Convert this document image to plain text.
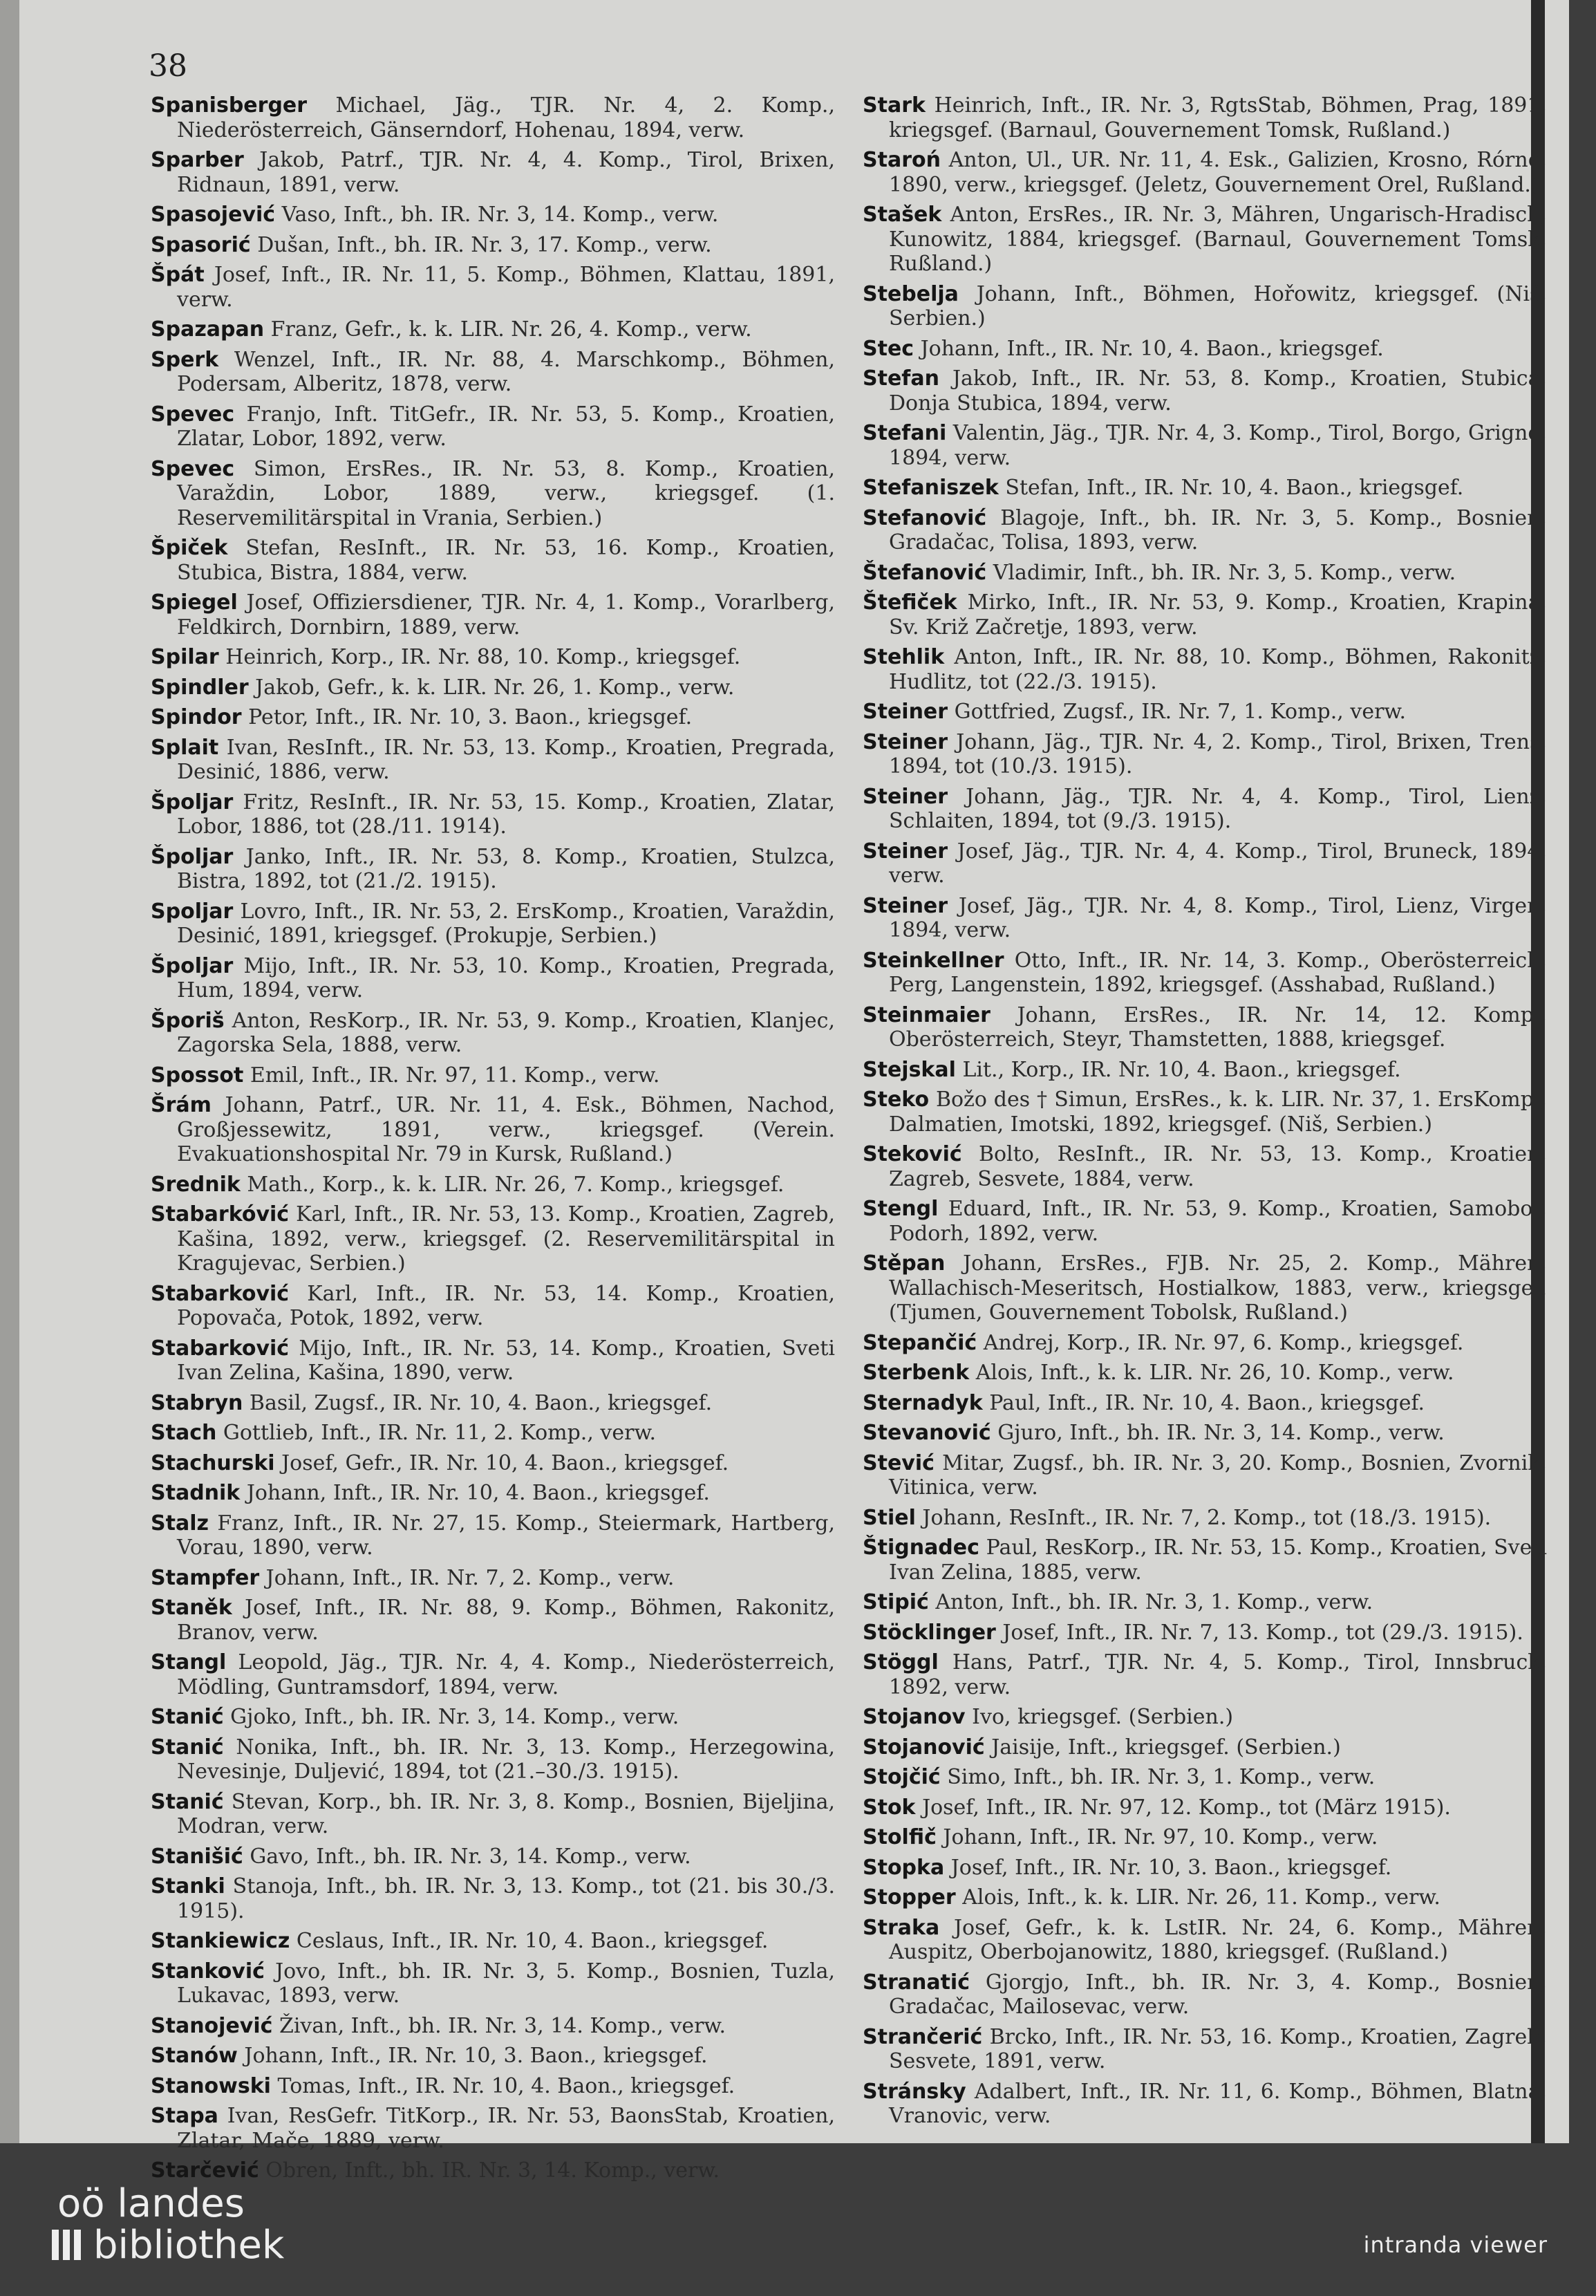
38
Spanisberger Michael, Jäg., TJR. Nr. 4, 2. Komp., Niederösterreich, Gänserndorf, Hohenau, 1894, verw.
Sparber Jakob, Patrf., TJR. Nr. 4, 4. Komp., Tirol, Brixen, Ridnaun, 1891, verw.
Spasojević Vaso, Inft., bh. IR. Nr. 3, 14. Komp., verw.
Spasorić Dušan, Inft., bh. IR. Nr. 3, 17. Komp., verw.
Špát Josef, Inft., IR. Nr. 11, 5. Komp., Böhmen, Klattau, 1891, verw.
Spazapan Franz, Gefr., k. k. LIR. Nr. 26, 4. Komp., verw.
Sperk Wenzel, Inft., IR. Nr. 88, 4. Marschkomp., Böhmen, Podersam, Alberitz, 1878, verw.
Spevec Franjo, Inft. TitGefr., IR. Nr. 53, 5. Komp., Kroatien, Zlatar, Lobor, 1892, verw.
Spevec Simon, ErsRes., IR. Nr. 53, 8. Komp., Kroatien, Varaždin, Lobor, 1889, verw., kriegsgef. (1. Reservemilitärspital in Vrania, Serbien.)
Špiček Stefan, ResInft., IR. Nr. 53, 16. Komp., Kroatien, Stubica, Bistra, 1884, verw.
Spiegel Josef, Offiziersdiener, TJR. Nr. 4, 1. Komp., Vorarlberg, Feldkirch, Dornbirn, 1889, verw.
Spilar Heinrich, Korp., IR. Nr. 88, 10. Komp., kriegsgef.
Spindler Jakob, Gefr., k. k. LIR. Nr. 26, 1. Komp., verw.
Spindor Petor, Inft., IR. Nr. 10, 3. Baon., kriegsgef.
Splait Ivan, ResInft., IR. Nr. 53, 13. Komp., Kroatien, Pregrada, Desinić, 1886, verw.
Špoljar Fritz, ResInft., IR. Nr. 53, 15. Komp., Kroatien, Zlatar, Lobor, 1886, tot (28./11. 1914).
Špoljar Janko, Inft., IR. Nr. 53, 8. Komp., Kroatien, Stulzca, Bistra, 1892, tot (21./2. 1915).
Spoljar Lovro, Inft., IR. Nr. 53, 2. ErsKomp., Kroatien, Varaždin, Desinić, 1891, kriegsgef. (Prokupje, Serbien.)
Špoljar Mijo, Inft., IR. Nr. 53, 10. Komp., Kroatien, Pregrada, Hum, 1894, verw.
Šporiš Anton, ResKorp., IR. Nr. 53, 9. Komp., Kroatien, Klanjec, Zagorska Sela, 1888, verw.
Spossot Emil, Inft., IR. Nr. 97, 11. Komp., verw.
Šrám Johann, Patrf., UR. Nr. 11, 4. Esk., Böhmen, Nachod, Großjessewitz, 1891, verw., kriegsgef. (Verein. Evakuationshospital Nr. 79 in Kursk, Rußland.)
Srednik Math., Korp., k. k. LIR. Nr. 26, 7. Komp., kriegsgef.
Stabarkóvić Karl, Inft., IR. Nr. 53, 13. Komp., Kroatien, Zagreb, Kašina, 1892, verw., kriegsgef. (2. Reservemilitärspital in Kragujevac, Serbien.)
Stabarković Karl, Inft., IR. Nr. 53, 14. Komp., Kroatien, Popovača, Potok, 1892, verw.
Stabarković Mijo, Inft., IR. Nr. 53, 14. Komp., Kroatien, Sveti Ivan Zelina, Kašina, 1890, verw.
Stabryn Basil, Zugsf., IR. Nr. 10, 4. Baon., kriegsgef.
Stach Gottlieb, Inft., IR. Nr. 11, 2. Komp., verw.
Stachurski Josef, Gefr., IR. Nr. 10, 4. Baon., kriegsgef.
Stadnik Johann, Inft., IR. Nr. 10, 4. Baon., kriegsgef.
Stalz Franz, Inft., IR. Nr. 27, 15. Komp., Steiermark, Hartberg, Vorau, 1890, verw.
Stampfer Johann, Inft., IR. Nr. 7, 2. Komp., verw.
Staněk Josef, Inft., IR. Nr. 88, 9. Komp., Böhmen, Rakonitz, Branov, verw.
Stangl Leopold, Jäg., TJR. Nr. 4, 4. Komp., Niederösterreich, Mödling, Guntramsdorf, 1894, verw.
Stanić Gjoko, Inft., bh. IR. Nr. 3, 14. Komp., verw.
Stanić Nonika, Inft., bh. IR. Nr. 3, 13. Komp., Herzegowina, Nevesinje, Duljević, 1894, tot (21.–30./3. 1915).
Stanić Stevan, Korp., bh. IR. Nr. 3, 8. Komp., Bosnien, Bijeljina, Modran, verw.
Stanišić Gavo, Inft., bh. IR. Nr. 3, 14. Komp., verw.
Stanki Stanoja, Inft., bh. IR. Nr. 3, 13. Komp., tot (21. bis 30./3. 1915).
Stankiewicz Ceslaus, Inft., IR. Nr. 10, 4. Baon., kriegsgef.
Stanković Jovo, Inft., bh. IR. Nr. 3, 5. Komp., Bosnien, Tuzla, Lukavac, 1893, verw.
Stanojević Živan, Inft., bh. IR. Nr. 3, 14. Komp., verw.
Stanów Johann, Inft., IR. Nr. 10, 3. Baon., kriegsgef.
Stanowski Tomas, Inft., IR. Nr. 10, 4. Baon., kriegsgef.
Stapa Ivan, ResGefr. TitKorp., IR. Nr. 53, BaonsStab, Kroatien, Zlatar, Mače, 1889, verw.
Starčević Obren, Inft., bh. IR. Nr. 3, 14. Komp., verw.
Stark Heinrich, Inft., IR. Nr. 3, RgtsStab, Böhmen, Prag, 1891, kriegsgef. (Barnaul, Gouvernement Tomsk, Rußland.)
Staroń Anton, Ul., UR. Nr. 11, 4. Esk., Galizien, Krosno, Rórne, 1890, verw., kriegsgef. (Jeletz, Gouvernement Orel, Rußland.)
Stašek Anton, ErsRes., IR. Nr. 3, Mähren, Ungarisch-Hradisch, Kunowitz, 1884, kriegsgef. (Barnaul, Gouvernement Tomsk, Rußland.)
Stebelja Johann, Inft., Böhmen, Hořowitz, kriegsgef. (Niš, Serbien.)
Stec Johann, Inft., IR. Nr. 10, 4. Baon., kriegsgef.
Stefan Jakob, Inft., IR. Nr. 53, 8. Komp., Kroatien, Stubica, Donja Stubica, 1894, verw.
Stefani Valentin, Jäg., TJR. Nr. 4, 3. Komp., Tirol, Borgo, Grigno, 1894, verw.
Stefaniszek Stefan, Inft., IR. Nr. 10, 4. Baon., kriegsgef.
Stefanović Blagoje, Inft., bh. IR. Nr. 3, 5. Komp., Bosnien, Gradačac, Tolisa, 1893, verw.
Štefanović Vladimir, Inft., bh. IR. Nr. 3, 5. Komp., verw.
Štefiček Mirko, Inft., IR. Nr. 53, 9. Komp., Kroatien, Krapina, Sv. Križ Začretje, 1893, verw.
Stehlik Anton, Inft., IR. Nr. 88, 10. Komp., Böhmen, Rakonitz, Hudlitz, tot (22./3. 1915).
Steiner Gottfried, Zugsf., IR. Nr. 7, 1. Komp., verw.
Steiner Johann, Jäg., TJR. Nr. 4, 2. Komp., Tirol, Brixen, Trens, 1894, tot (10./3. 1915).
Steiner Johann, Jäg., TJR. Nr. 4, 4. Komp., Tirol, Lienz, Schlaiten, 1894, tot (9./3. 1915).
Steiner Josef, Jäg., TJR. Nr. 4, 4. Komp., Tirol, Bruneck, 1894, verw.
Steiner Josef, Jäg., TJR. Nr. 4, 8. Komp., Tirol, Lienz, Virgen, 1894, verw.
Steinkellner Otto, Inft., IR. Nr. 14, 3. Komp., Oberösterreich, Perg, Langenstein, 1892, kriegsgef. (Asshabad, Rußland.)
Steinmaier Johann, ErsRes., IR. Nr. 14, 12. Komp., Oberösterreich, Steyr, Thamstetten, 1888, kriegsgef.
Stejskal Lit., Korp., IR. Nr. 10, 4. Baon., kriegsgef.
Steko Božo des † Simun, ErsRes., k. k. LIR. Nr. 37, 1. ErsKomp., Dalmatien, Imotski, 1892, kriegsgef. (Niš, Serbien.)
Steković Bolto, ResInft., IR. Nr. 53, 13. Komp., Kroatien, Zagreb, Sesvete, 1884, verw.
Stengl Eduard, Inft., IR. Nr. 53, 9. Komp., Kroatien, Samobor, Podorh, 1892, verw.
Stěpan Johann, ErsRes., FJB. Nr. 25, 2. Komp., Mähren, Wallachisch-Meseritsch, Hostialkow, 1883, verw., kriegsgef. (Tjumen, Gouvernement Tobolsk, Rußland.)
Stepančić Andrej, Korp., IR. Nr. 97, 6. Komp., kriegsgef.
Sterbenk Alois, Inft., k. k. LIR. Nr. 26, 10. Komp., verw.
Sternadyk Paul, Inft., IR. Nr. 10, 4. Baon., kriegsgef.
Stevanović Gjuro, Inft., bh. IR. Nr. 3, 14. Komp., verw.
Stević Mitar, Zugsf., bh. IR. Nr. 3, 20. Komp., Bosnien, Zvornik, Vitinica, verw.
Stiel Johann, ResInft., IR. Nr. 7, 2. Komp., tot (18./3. 1915).
Štignadec Paul, ResKorp., IR. Nr. 53, 15. Komp., Kroatien, Sveti Ivan Zelina, 1885, verw.
Stipić Anton, Inft., bh. IR. Nr. 3, 1. Komp., verw.
Stöcklinger Josef, Inft., IR. Nr. 7, 13. Komp., tot (29./3. 1915).
Stöggl Hans, Patrf., TJR. Nr. 4, 5. Komp., Tirol, Innsbruck, 1892, verw.
Stojanov Ivo, kriegsgef. (Serbien.)
Stojanović Jaisije, Inft., kriegsgef. (Serbien.)
Stojčić Simo, Inft., bh. IR. Nr. 3, 1. Komp., verw.
Stok Josef, Inft., IR. Nr. 97, 12. Komp., tot (März 1915).
Stolfič Johann, Inft., IR. Nr. 97, 10. Komp., verw.
Stopka Josef, Inft., IR. Nr. 10, 3. Baon., kriegsgef.
Stopper Alois, Inft., k. k. LIR. Nr. 26, 11. Komp., verw.
Straka Josef, Gefr., k. k. LstIR. Nr. 24, 6. Komp., Mähren, Auspitz, Oberbojanowitz, 1880, kriegsgef. (Rußland.)
Stranatić Gjorgjo, Inft., bh. IR. Nr. 3, 4. Komp., Bosnien, Gradačac, Mailosevac, verw.
Strančerić Brcko, Inft., IR. Nr. 53, 16. Komp., Kroatien, Zagreb, Sesvete, 1891, verw.
Stránsky Adalbert, Inft., IR. Nr. 11, 6. Komp., Böhmen, Blatna, Vranovic, verw.
oö landes
bibliothek	intranda viewer
